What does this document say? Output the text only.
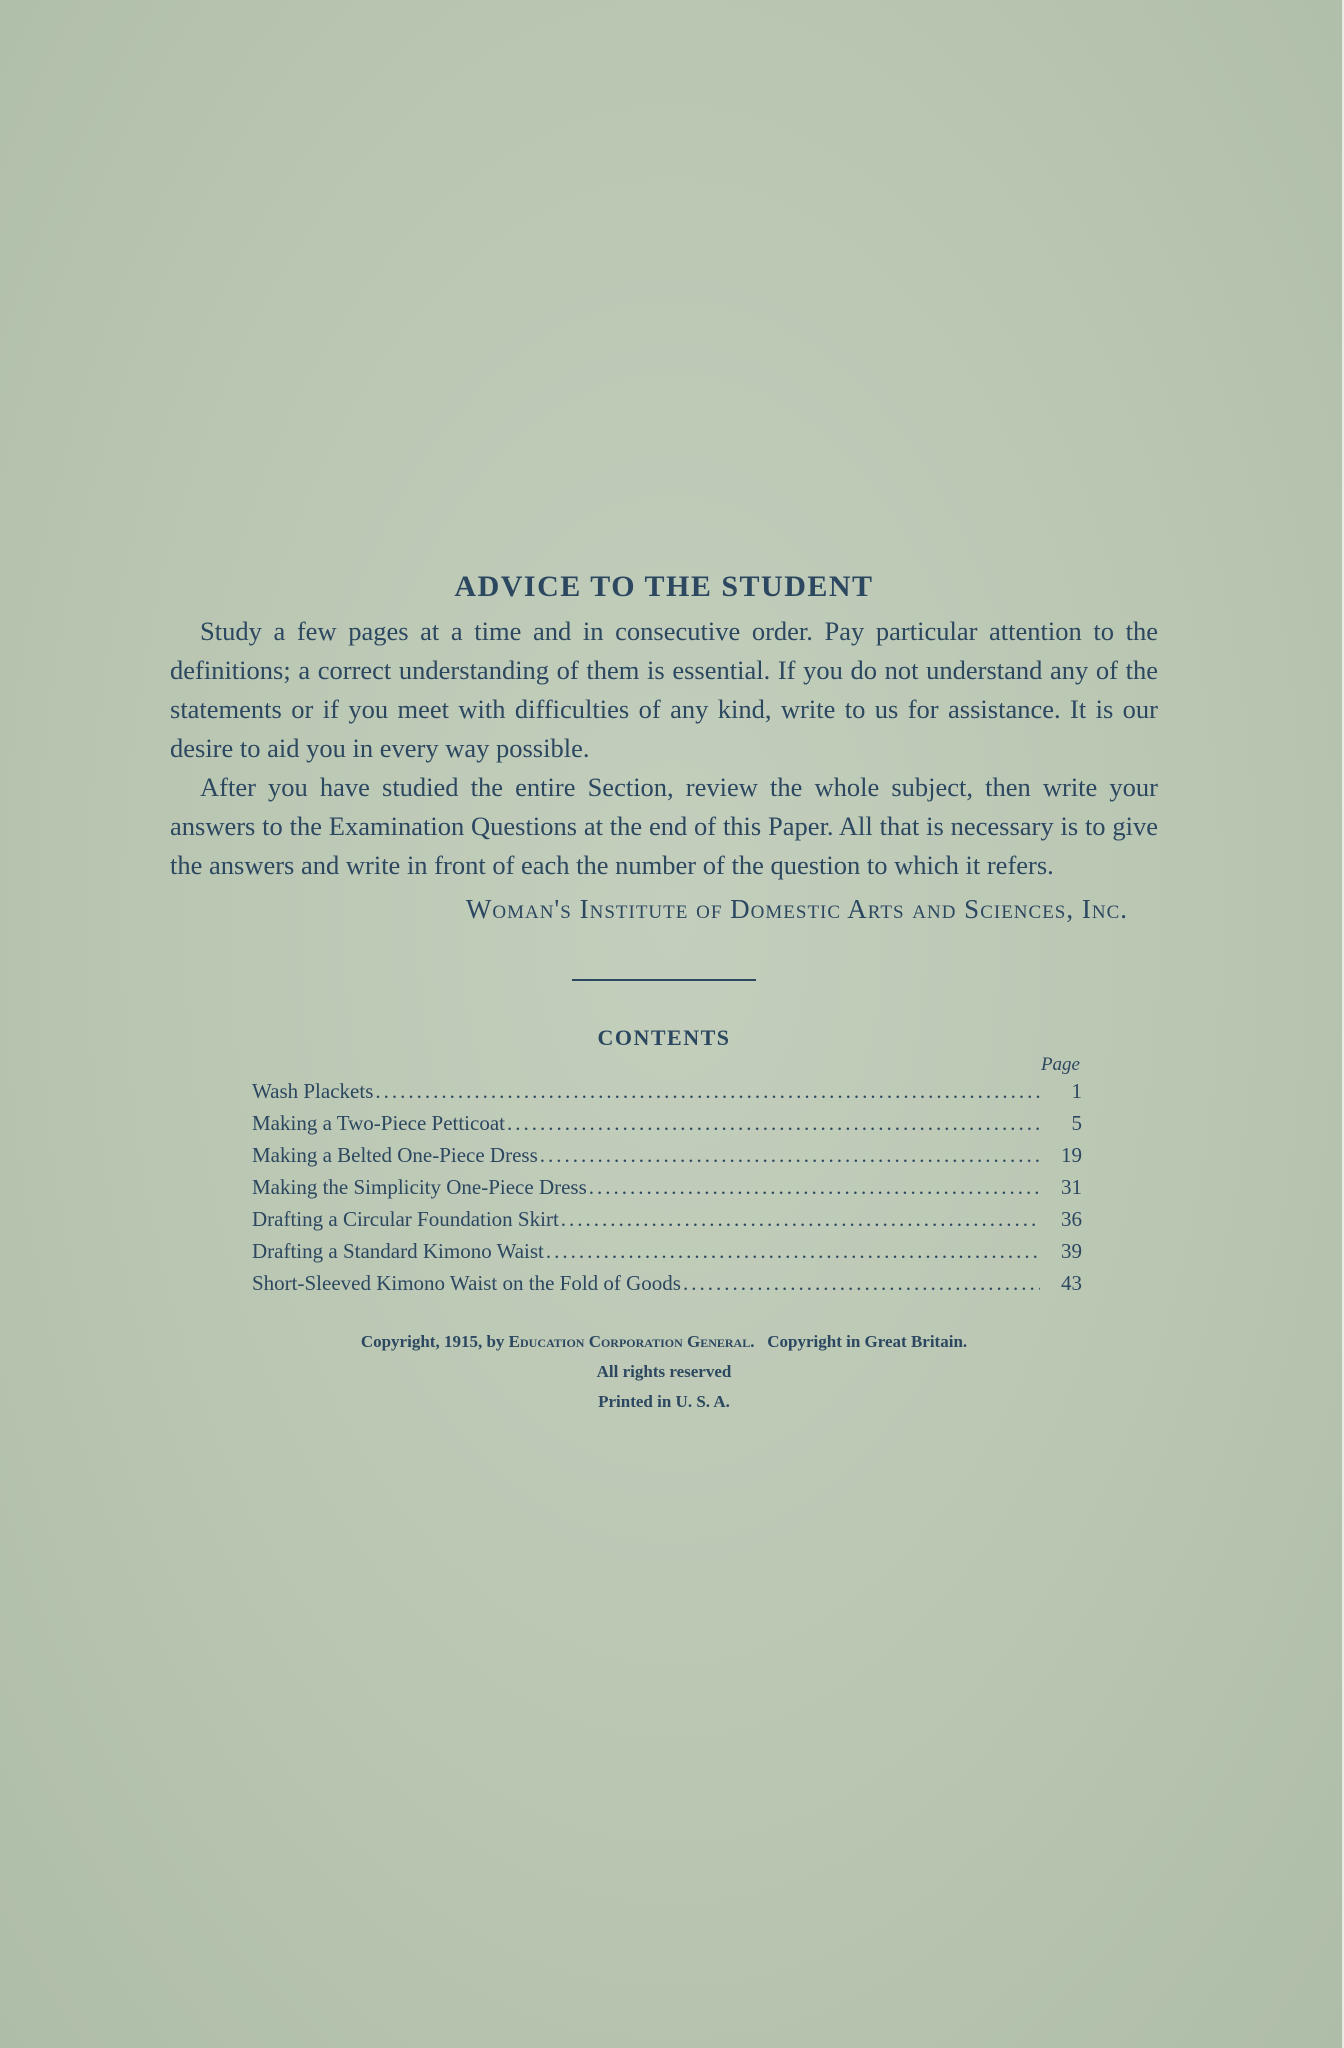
ADVICE TO THE STUDENT

Study a few pages at a time and in consecutive order. Pay particular attention to the definitions; a correct understanding of them is essential. If you do not understand any of the statements or if you meet with difficulties of any kind, write to us for assistance. It is our desire to aid you in every way possible.

After you have studied the entire Section, review the whole subject, then write your answers to the Examination Questions at the end of this Paper. All that is necessary is to give the answers and write in front of each the number of the question to which it refers.

Woman's Institute of Domestic Arts and Sciences, Inc.
CONTENTS
Page
Wash Plackets .....	1
Making a Two-Piece Petticoat .....	5
Making a Belted One-Piece Dress .....	19
Making the Simplicity One-Piece Dress .....	31
Drafting a Circular Foundation Skirt .....	36
Drafting a Standard Kimono Waist .....	39
Short-Sleeved Kimono Waist on the Fold of Goods .....	43
Copyright, 1915, by Education Corporation General. Copyright in Great Britain.
All rights reserved
Printed in U. S. A.
